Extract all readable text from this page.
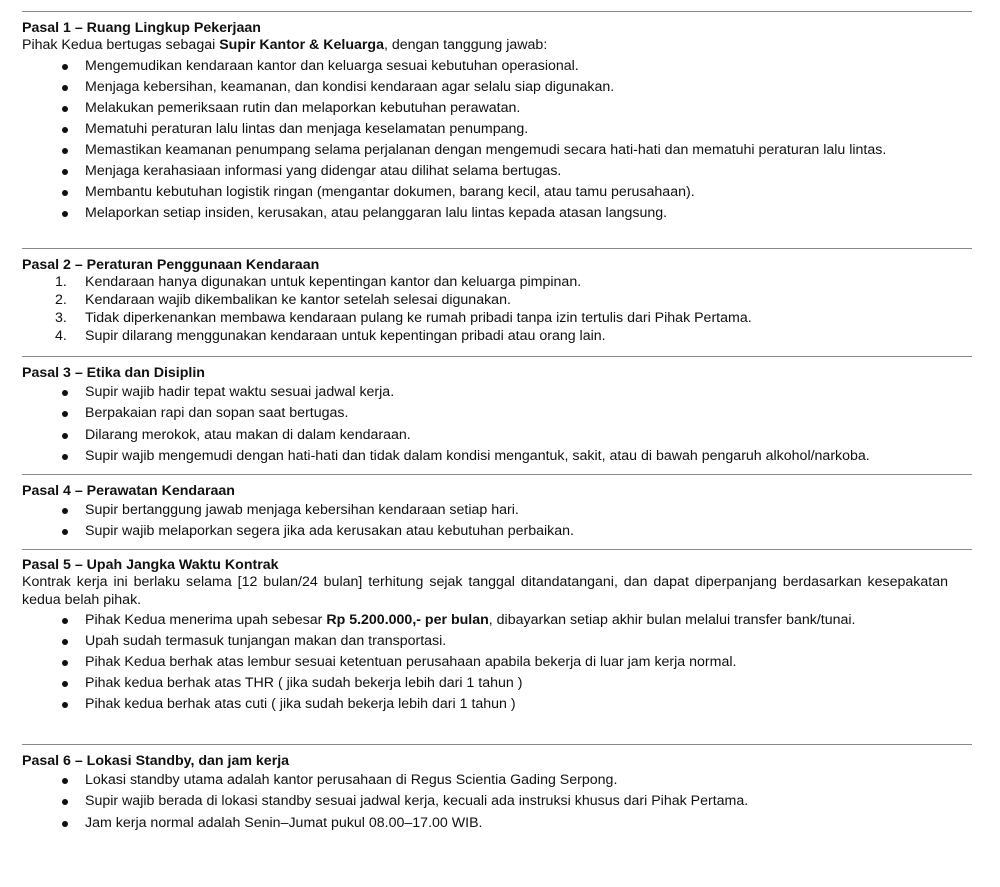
Pasal 1 – Ruang Lingkup Pekerjaan

Pihak Kedua bertugas sebagai Supir Kantor & Keluarga, dengan tanggung jawab:

Mengemudikan kendaraan kantor dan keluarga sesuai kebutuhan operasional.
Menjaga kebersihan, keamanan, dan kondisi kendaraan agar selalu siap digunakan.
Melakukan pemeriksaan rutin dan melaporkan kebutuhan perawatan.
Mematuhi peraturan lalu lintas dan menjaga keselamatan penumpang.
Memastikan keamanan penumpang selama perjalanan dengan mengemudi secara hati-hati dan mematuhi peraturan lalu lintas.
Menjaga kerahasiaan informasi yang didengar atau dilihat selama bertugas.
Membantu kebutuhan logistik ringan (mengantar dokumen, barang kecil, atau tamu perusahaan).
Melaporkan setiap insiden, kerusakan, atau pelanggaran lalu lintas kepada atasan langsung.

Pasal 2 – Peraturan Penggunaan Kendaraan

1. Kendaraan hanya digunakan untuk kepentingan kantor dan keluarga pimpinan.
2. Kendaraan wajib dikembalikan ke kantor setelah selesai digunakan.
3. Tidak diperkenankan membawa kendaraan pulang ke rumah pribadi tanpa izin tertulis dari Pihak Pertama.
4. Supir dilarang menggunakan kendaraan untuk kepentingan pribadi atau orang lain.

Pasal 3 – Etika dan Disiplin

Supir wajib hadir tepat waktu sesuai jadwal kerja.
Berpakaian rapi dan sopan saat bertugas.
Dilarang merokok, atau makan di dalam kendaraan.
Supir wajib mengemudi dengan hati-hati dan tidak dalam kondisi mengantuk, sakit, atau di bawah pengaruh alkohol/narkoba.

Pasal 4 – Perawatan Kendaraan

Supir bertanggung jawab menjaga kebersihan kendaraan setiap hari.
Supir wajib melaporkan segera jika ada kerusakan atau kebutuhan perbaikan.

Pasal 5 – Upah Jangka Waktu Kontrak

Kontrak kerja ini berlaku selama [12 bulan/24 bulan] terhitung sejak tanggal ditandatangani, dan dapat diperpanjang berdasarkan kesepakatan kedua belah pihak.

Pihak Kedua menerima upah sebesar Rp 5.200.000,- per bulan, dibayarkan setiap akhir bulan melalui transfer bank/tunai.
Upah sudah termasuk tunjangan makan dan transportasi.
Pihak Kedua berhak atas lembur sesuai ketentuan perusahaan apabila bekerja di luar jam kerja normal.
Pihak kedua berhak atas THR ( jika sudah bekerja lebih dari 1 tahun )
Pihak kedua berhak atas cuti ( jika sudah bekerja lebih dari 1 tahun )

Pasal 6 – Lokasi Standby, dan jam kerja

Lokasi standby utama adalah kantor perusahaan di Regus Scientia Gading Serpong.
Supir wajib berada di lokasi standby sesuai jadwal kerja, kecuali ada instruksi khusus dari Pihak Pertama.
Jam kerja normal adalah Senin–Jumat pukul 08.00–17.00 WIB.
